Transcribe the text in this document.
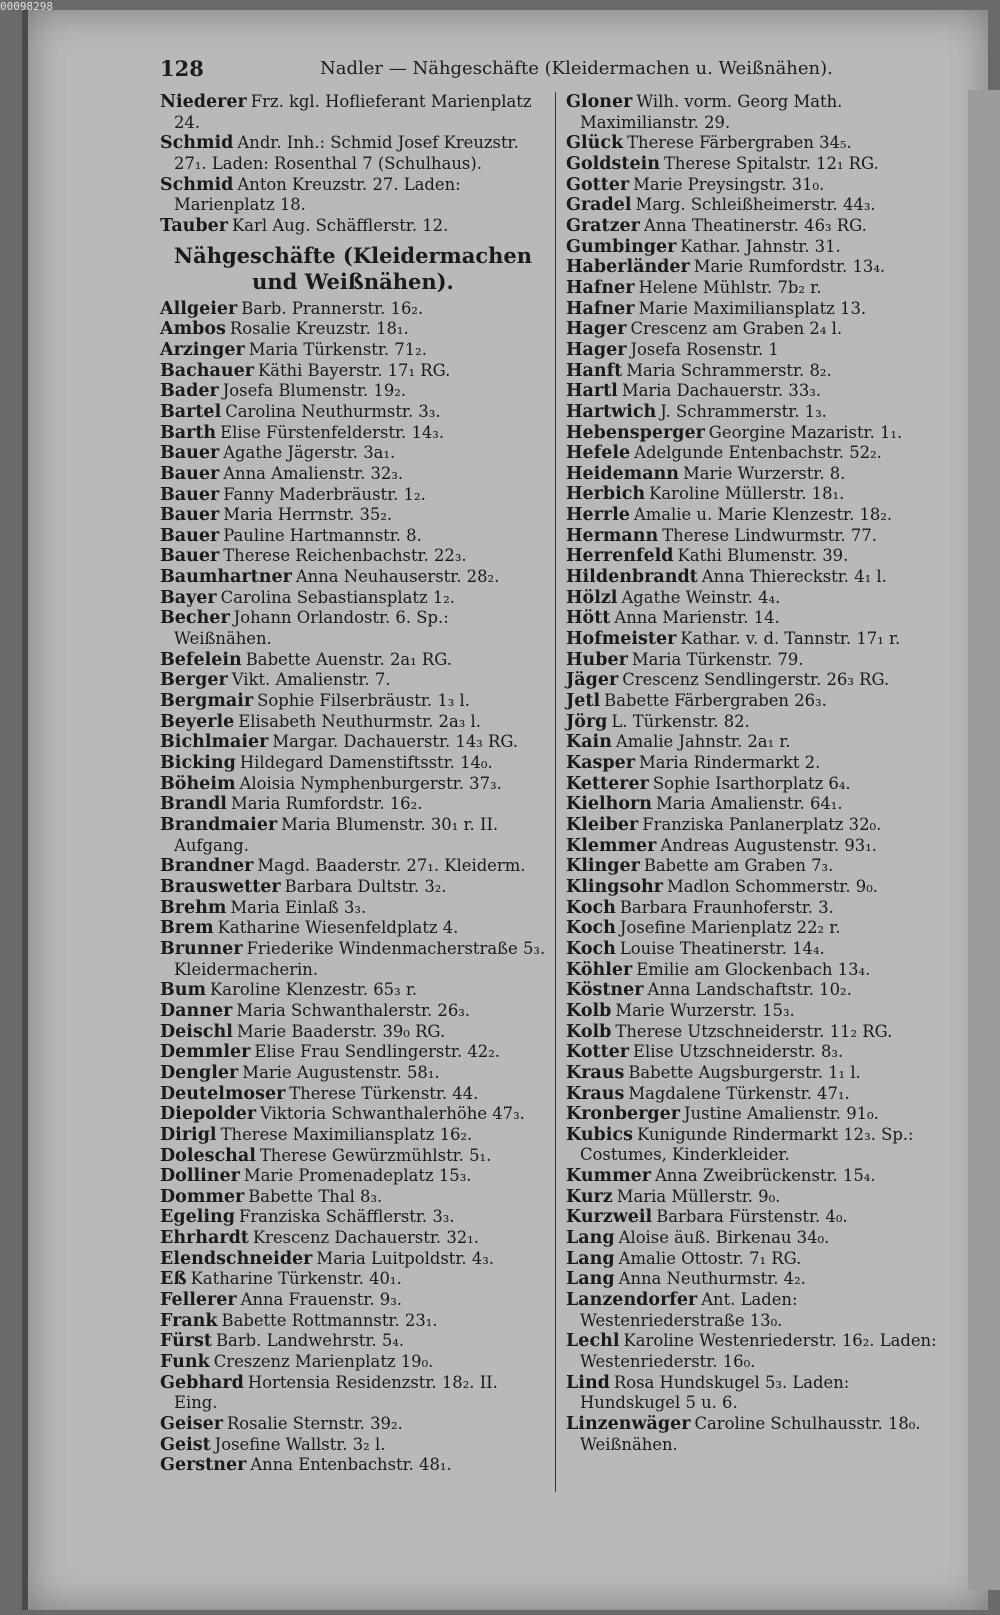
128	Nadler — Nähgeschäfte (Kleidermachen u. Weißnähen).

Niederer Frz. kgl. Hoflieferant Marienplatz 24.

Schmid Andr. Inh.: Schmid Josef Kreuzstr. 27₁. Laden: Rosenthal 7 (Schulhaus).

Schmid Anton Kreuzstr. 27. Laden: Marienplatz 18.

Tauber Karl Aug. Schäfflerstr. 12.

Nähgeschäfte (Kleidermachen und Weißnähen).

Allgeier Barb. Prannerstr. 16₂.

Ambos Rosalie Kreuzstr. 18₁.

Arzinger Maria Türkenstr. 71₂.

Bachauer Käthi Bayerstr. 17₁ RG.

Bader Josefa Blumenstr. 19₂.

Bartel Carolina Neuthurmstr. 3₃.

Barth Elise Fürstenfelderstr. 14₃.

Bauer Agathe Jägerstr. 3a₁.

Bauer Anna Amalienstr. 32₃.

Bauer Fanny Maderbräustr. 1₂.

Bauer Maria Herrnstr. 35₂.

Bauer Pauline Hartmannstr. 8.

Bauer Therese Reichenbachstr. 22₃.

Baumhartner Anna Neuhauserstr. 28₂.

Bayer Carolina Sebastiansplatz 1₂.

Becher Johann Orlandostr. 6. Sp.: Weißnähen.

Befelein Babette Auenstr. 2a₁ RG.

Berger Vikt. Amalienstr. 7.

Bergmair Sophie Filserbräustr. 1₃ l.

Beyerle Elisabeth Neuthurmstr. 2a₃ l.

Bichlmaier Margar. Dachauerstr. 14₃ RG.

Bicking Hildegard Damenstiftsstr. 14₀.

Böheim Aloisia Nymphenburgerstr. 37₃.

Brandl Maria Rumfordstr. 16₂.

Brandmaier Maria Blumenstr. 30₁ r. II. Aufgang.

Brandner Magd. Baaderstr. 27₁. Kleiderm.

Brauswetter Barbara Dultstr. 3₂.

Brehm Maria Einlaß 3₃.

Brem Katharine Wiesenfeldplatz 4.

Brunner Friederike Windenmacherstraße 5₃. Kleidermacherin.

Bum Karoline Klenzestr. 65₃ r.

Danner Maria Schwanthalerstr. 26₃.

Deischl Marie Baaderstr. 39₀ RG.

Demmler Elise Frau Sendlingerstr. 42₂.

Dengler Marie Augustenstr. 58₁.

Deutelmoser Therese Türkenstr. 44.

Diepolder Viktoria Schwanthalerhöhe 47₃.

Dirigl Therese Maximiliansplatz 16₂.

Doleschal Therese Gewürzmühlstr. 5₁.

Dolliner Marie Promenadeplatz 15₃.

Dommer Babette Thal 8₃.

Egeling Franziska Schäfflerstr. 3₃.

Ehrhardt Krescenz Dachauerstr. 32₁.

Elendschneider Maria Luitpoldstr. 4₃.

Eß Katharine Türkenstr. 40₁.

Fellerer Anna Frauenstr. 9₃.

Frank Babette Rottmannstr. 23₁.

Fürst Barb. Landwehrstr. 5₄.

Funk Creszenz Marienplatz 19₀.

Gebhard Hortensia Residenzstr. 18₂. II. Eing.

Geiser Rosalie Sternstr. 39₂.

Geist Josefine Wallstr. 3₂ l.

Gerstner Anna Entenbachstr. 48₁.

Gloner Wilh. vorm. Georg Math. Maximilianstr. 29.

Glück Therese Färbergraben 34₅.

Goldstein Therese Spitalstr. 12₁ RG.

Gotter Marie Preysingstr. 31₀.

Gradel Marg. Schleißheimerstr. 44₃.

Gratzer Anna Theatinerstr. 46₃ RG.

Gumbinger Kathar. Jahnstr. 31.

Haberländer Marie Rumfordstr. 13₄.

Hafner Helene Mühlstr. 7b₂ r.

Hafner Marie Maximiliansplatz 13.

Hager Crescenz am Graben 2₄ l.

Hager Josefa Rosenstr. 1

Hanft Maria Schrammerstr. 8₂.

Hartl Maria Dachauerstr. 33₃.

Hartwich J. Schrammerstr. 1₃.

Hebensperger Georgine Mazaristr. 1₁.

Hefele Adelgunde Entenbachstr. 52₂.

Heidemann Marie Wurzerstr. 8.

Herbich Karoline Müllerstr. 18₁.

Herrle Amalie u. Marie Klenzestr. 18₂.

Hermann Therese Lindwurmstr. 77.

Herrenfeld Kathi Blumenstr. 39.

Hildenbrandt Anna Thiereckstr. 4₁ l.

Hölzl Agathe Weinstr. 4₄.

Hött Anna Marienstr. 14.

Hofmeister Kathar. v. d. Tannstr. 17₁ r.

Huber Maria Türkenstr. 79.

Jäger Crescenz Sendlingerstr. 26₃ RG.

Jetl Babette Färbergraben 26₃.

Jörg L. Türkenstr. 82.

Kain Amalie Jahnstr. 2a₁ r.

Kasper Maria Rindermarkt 2.

Ketterer Sophie Isarthorplatz 6₄.

Kielhorn Maria Amalienstr. 64₁.

Kleiber Franziska Panlanerplatz 32₀.

Klemmer Andreas Augustenstr. 93₁.

Klinger Babette am Graben 7₃.

Klingsohr Madlon Schommerstr. 9₀.

Koch Barbara Fraunhoferstr. 3.

Koch Josefine Marienplatz 22₂ r.

Koch Louise Theatinerstr. 14₄.

Köhler Emilie am Glockenbach 13₄.

Köstner Anna Landschaftstr. 10₂.

Kolb Marie Wurzerstr. 15₃.

Kolb Therese Utzschneiderstr. 11₂ RG.

Kotter Elise Utzschneiderstr. 8₃.

Kraus Babette Augsburgerstr. 1₁ l.

Kraus Magdalene Türkenstr. 47₁.

Kronberger Justine Amalienstr. 91₀.

Kubics Kunigunde Rindermarkt 12₃. Sp.: Costumes, Kinderkleider.

Kummer Anna Zweibrückenstr. 15₄.

Kurz Maria Müllerstr. 9₀.

Kurzweil Barbara Fürstenstr. 4₀.

Lang Aloise äuß. Birkenau 34₀.

Lang Amalie Ottostr. 7₁ RG.

Lang Anna Neuthurmstr. 4₂.

Lanzendorfer Ant. Laden: Westenriederstraße 13₀.

Lechl Karoline Westenriederstr. 16₂. Laden: Westenriederstr. 16₀.

Lind Rosa Hundskugel 5₃. Laden: Hundskugel 5 u. 6.

Linzenwäger Caroline Schulhausstr. 18₀. Weißnähen.

00098298
